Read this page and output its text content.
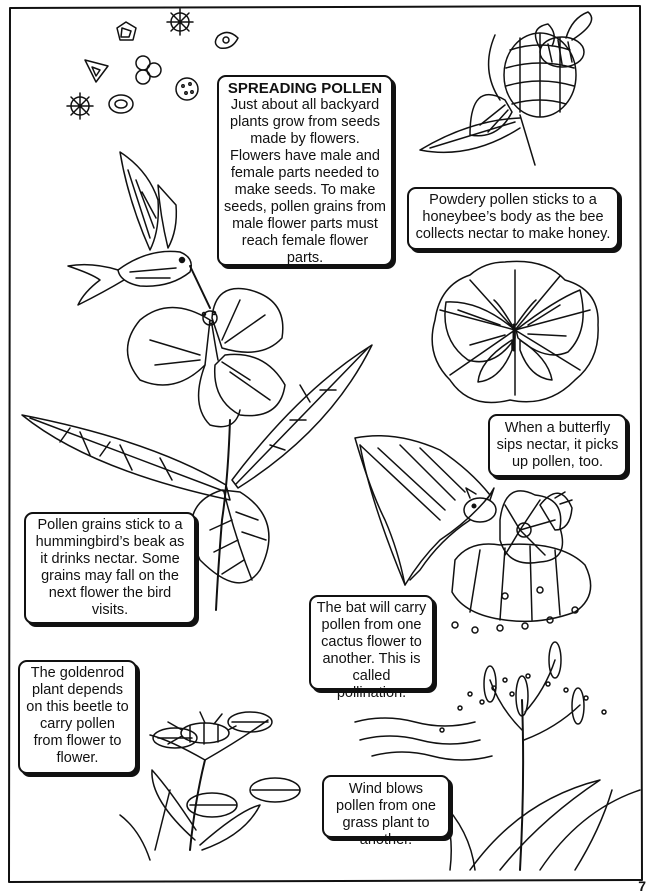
SPREADING POLLEN

Just about all backyard plants grow from seeds made by flowers. Flowers have male and female parts needed to make seeds. To make seeds, pollen grains from male flower parts must reach female flower parts.

Powdery pollen sticks to a honeybee’s body as the bee collects nectar to make honey.

When a butterfly sips nectar, it picks up pollen, too.

Pollen grains stick to a hummingbird’s beak as it drinks nectar. Some grains may fall on the next flower the bird visits.	The bat will carry pollen from one cactus flower to another. This is called pollination.

The goldenrod plant depends on this beetle to carry pollen from flower to flower.

Wind blows pollen from one grass plant to another.

7
